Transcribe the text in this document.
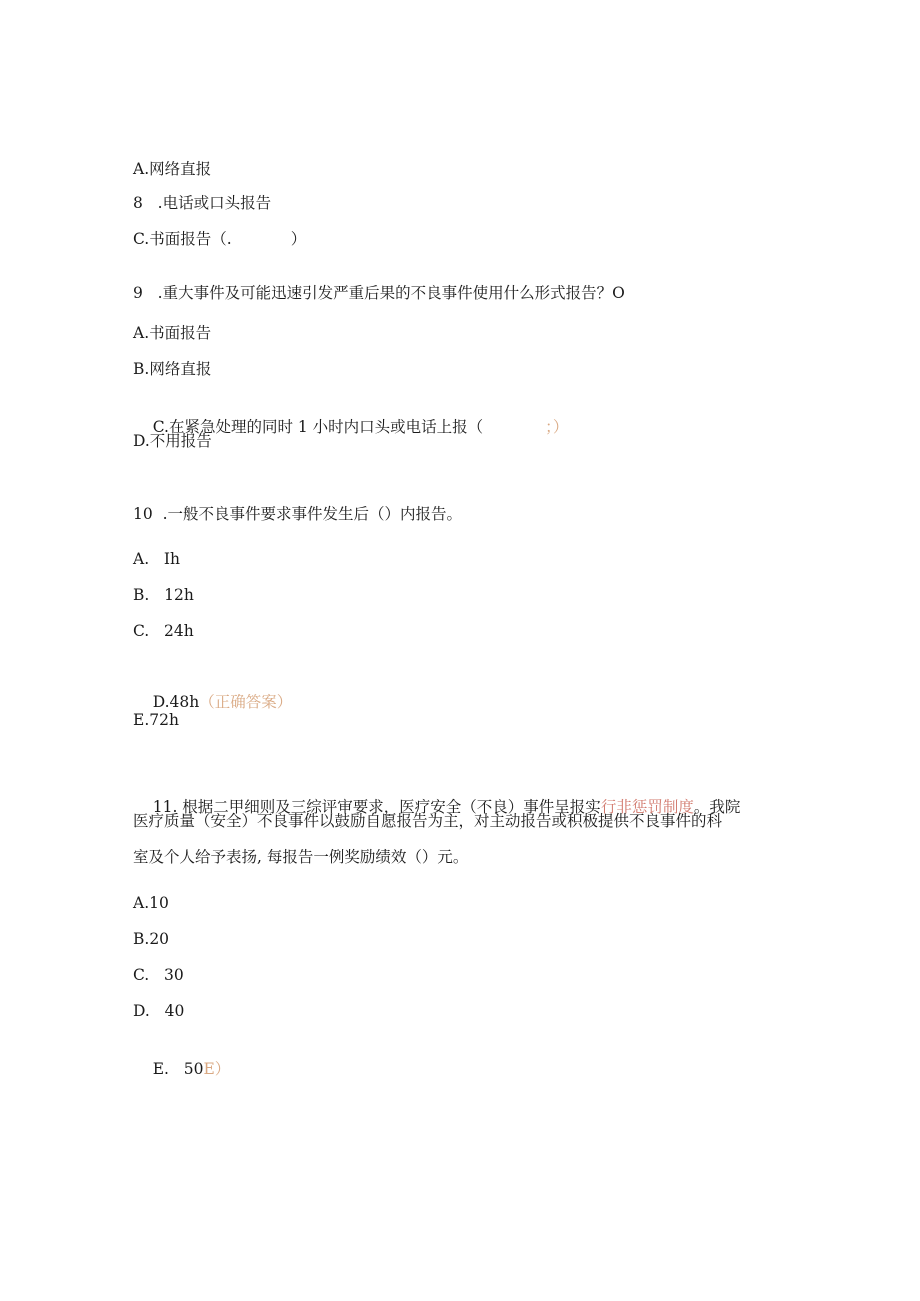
A.网络直报
8   .电话或口头报告
C.书面报告（.            ）
9   .重大事件及可能迅速引发严重后果的不良事件使用什么形式报告？O
A.书面报告
B.网络直报

C.在紧急处理的同时 1 小时内口头或电话上报（	；）

D.不用报告
10  .一般不良事件要求事件发生后（）内报告。
A.   Ih
B.   12h
C.   24h

D.48h（正确答案）

E.72h

11. 根据二甲细则及三综评审要求，医疗安全（不良）事件呈报实行非惩罚制度。我院

医疗质量（安全）不良事件以鼓励自愿报告为主，对主动报告或积极提供不良事件的科
室及个人给予表扬, 每报告一例奖励绩效（）元。
A.10
B.20
C.   30
D.   40

E.   50E）
